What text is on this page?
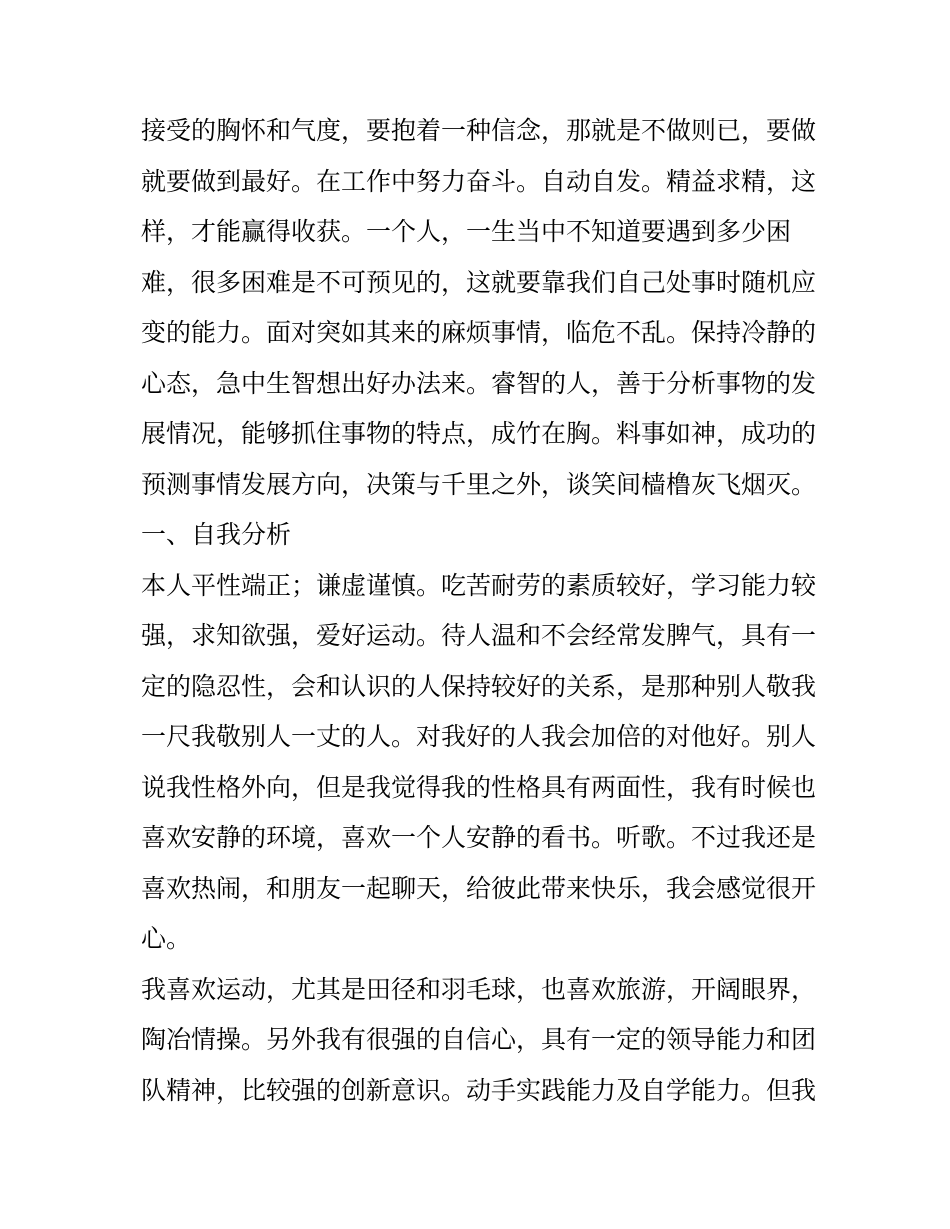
接受的胸怀和气度，要抱着一种信念，那就是不做则已，要做
就要做到最好。在工作中努力奋斗。自动自发。精益求精，这
样，才能赢得收获。一个人，一生当中不知道要遇到多少困
难，很多困难是不可预见的，这就要靠我们自己处事时随机应
变的能力。面对突如其来的麻烦事情，临危不乱。保持冷静的
心态，急中生智想出好办法来。睿智的人，善于分析事物的发
展情况，能够抓住事物的特点，成竹在胸。料事如神，成功的
预测事情发展方向，决策与千里之外，谈笑间樯橹灰飞烟灭。
一、自我分析
本人平性端正；谦虚谨慎。吃苦耐劳的素质较好，学习能力较
强，求知欲强，爱好运动。待人温和不会经常发脾气，具有一
定的隐忍性，会和认识的人保持较好的关系，是那种别人敬我
一尺我敬别人一丈的人。对我好的人我会加倍的对他好。别人
说我性格外向，但是我觉得我的性格具有两面性，我有时候也
喜欢安静的环境，喜欢一个人安静的看书。听歌。不过我还是
喜欢热闹，和朋友一起聊天，给彼此带来快乐，我会感觉很开
心。
我喜欢运动，尤其是田径和羽毛球，也喜欢旅游，开阔眼界，
陶冶情操。另外我有很强的自信心，具有一定的领导能力和团
队精神，比较强的创新意识。动手实践能力及自学能力。但我
